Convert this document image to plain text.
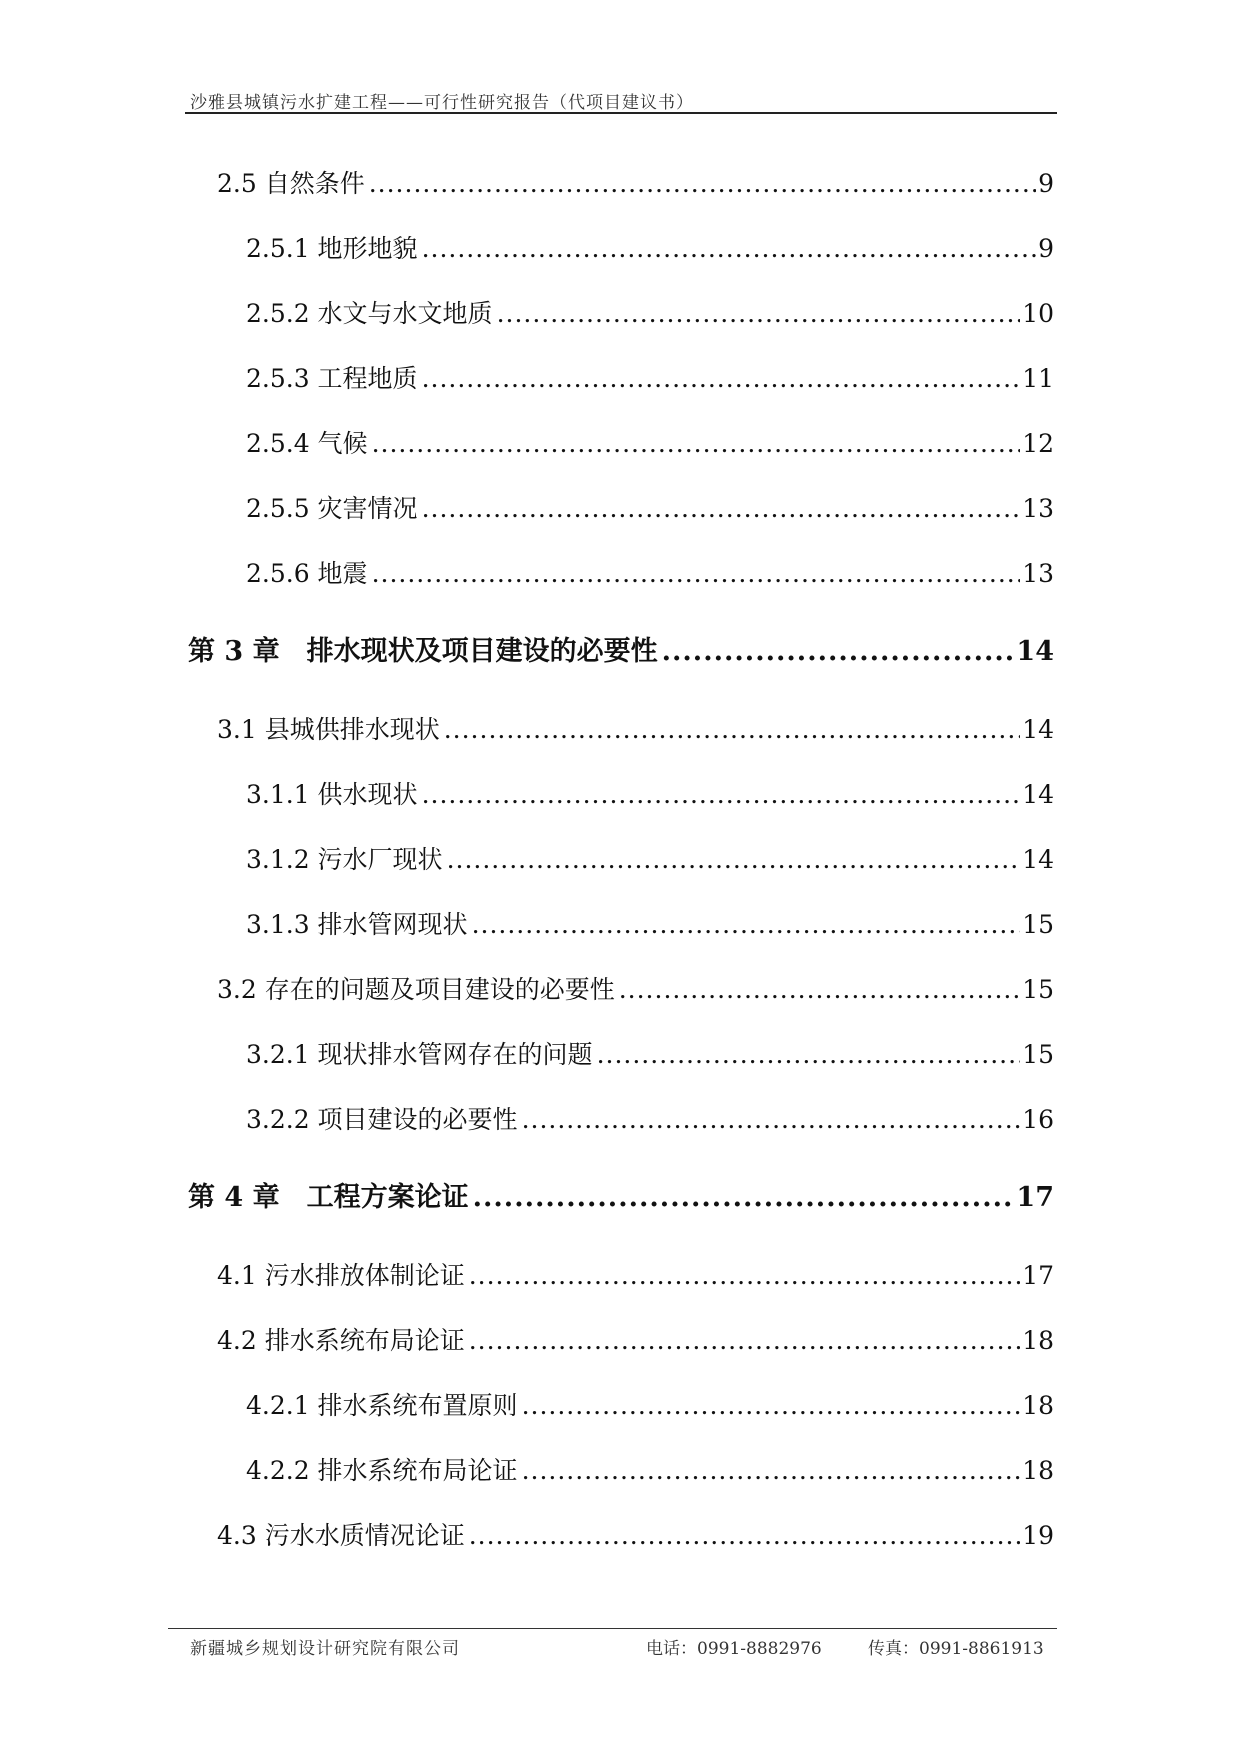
沙雅县城镇污水扩建工程——可行性研究报告（代项目建议书）
2.5 自然条件 .....	9
2.5.1 地形地貌 .....	9
2.5.2 水文与水文地质 .....	10
2.5.3 工程地质 .....	11
2.5.4 气候 .....	12
2.5.5 灾害情况 .....	13
2.5.6 地震 .....	13
第 3 章　排水现状及项目建设的必要性 .....	14
3.1 县城供排水现状 .....	14
3.1.1 供水现状 .....	14
3.1.2 污水厂现状 .....	14
3.1.3 排水管网现状 .....	15
3.2 存在的问题及项目建设的必要性 .....	15
3.2.1 现状排水管网存在的问题 .....	15
3.2.2 项目建设的必要性 .....	16
第 4 章　工程方案论证 .....	17
4.1 污水排放体制论证 .....	17
4.2 排水系统布局论证 .....	18
4.2.1 排水系统布置原则 .....	18
4.2.2 排水系统布局论证 .....	18
4.3 污水水质情况论证 .....	19
新疆城乡规划设计研究院有限公司	电话：0991-8882976	传真：0991-8861913
